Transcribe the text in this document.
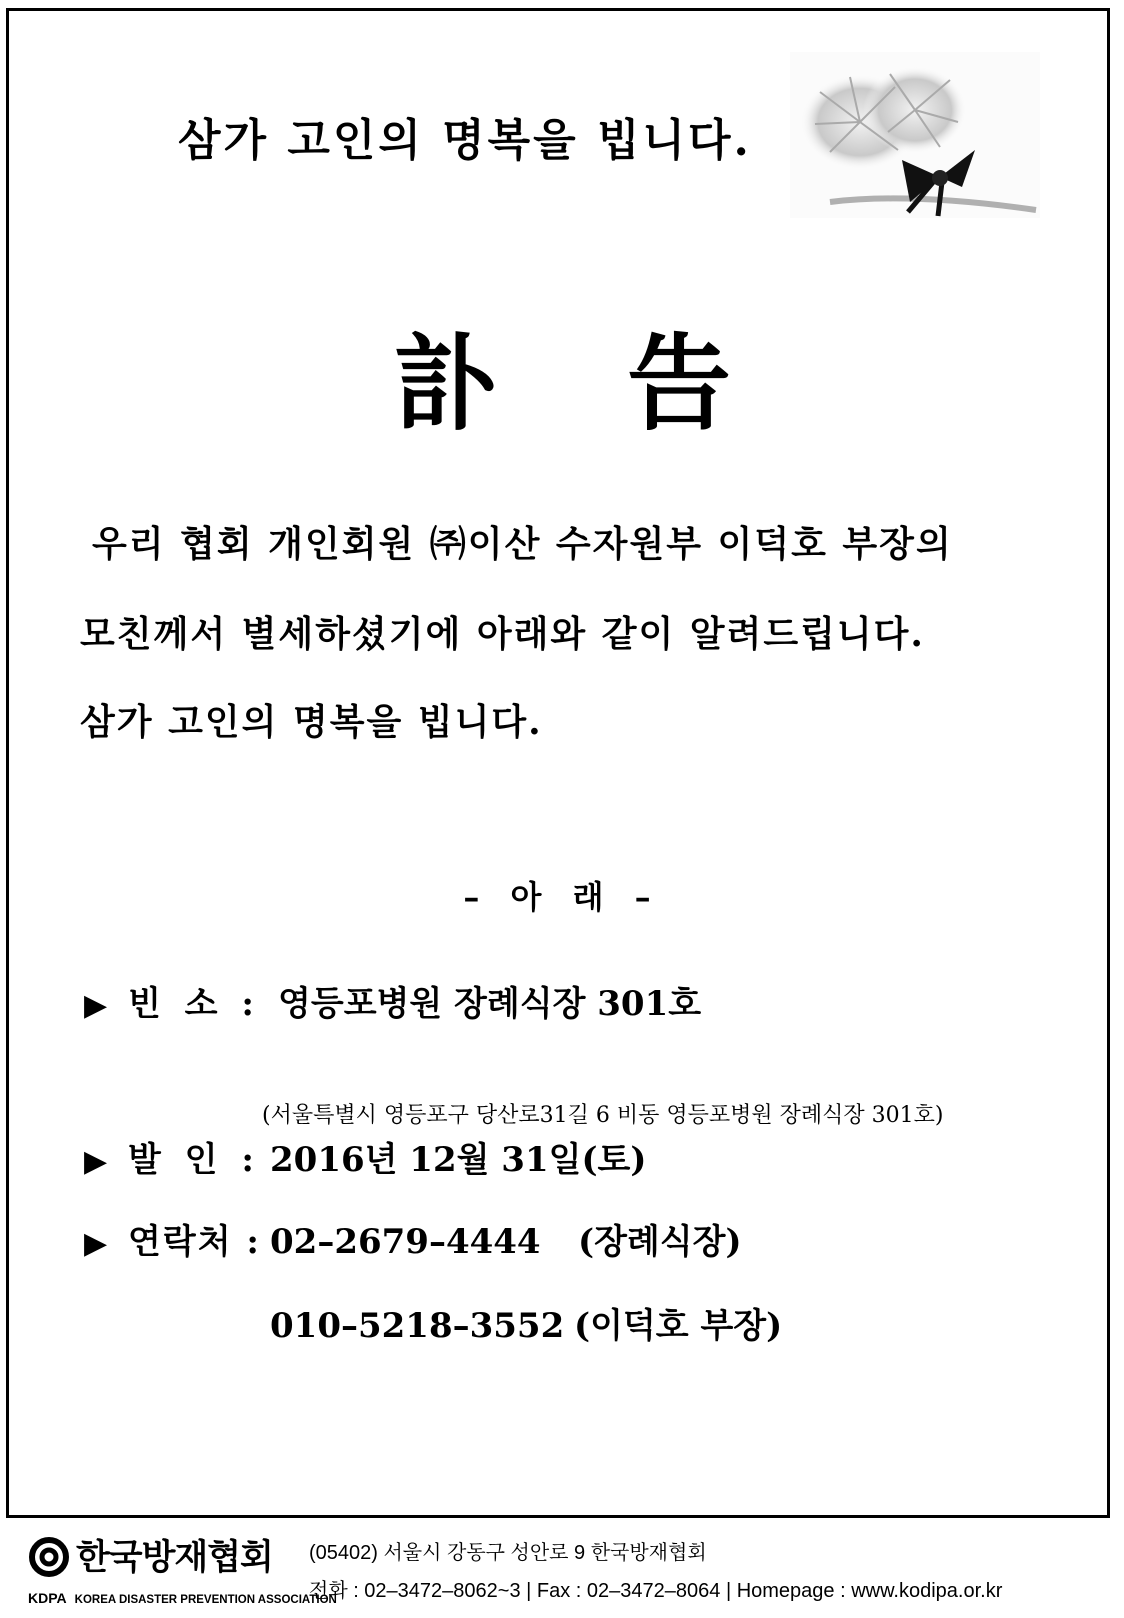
삼가 고인의 명복을 빕니다.
訃告
우리 협회 개인회원 ㈜이산 수자원부 이덕호 부장의
모친께서 별세하셨기에 아래와 같이 알려드립니다.
삼가 고인의 명복을 빕니다.
– 아 래 –
▶ 빈 소 : 영등포병원 장례식장 301호
(서울특별시 영등포구 당산로31길 6 비동 영등포병원 장례식장 301호)
▶ 발 인 : 2016년 12월 31일(토)
▶ 연락처 : 02–2679–4444 (장례식장)
010–5218–3552 (이덕호 부장)
한국방재협회
KDPA KOREA DISASTER PREVENTION ASSOCIATION
(05402) 서울시 강동구 성안로 9 한국방재협회
전화 : 02–3472–8062~3 | Fax : 02–3472–8064 | Homepage : www.kodipa.or.kr
